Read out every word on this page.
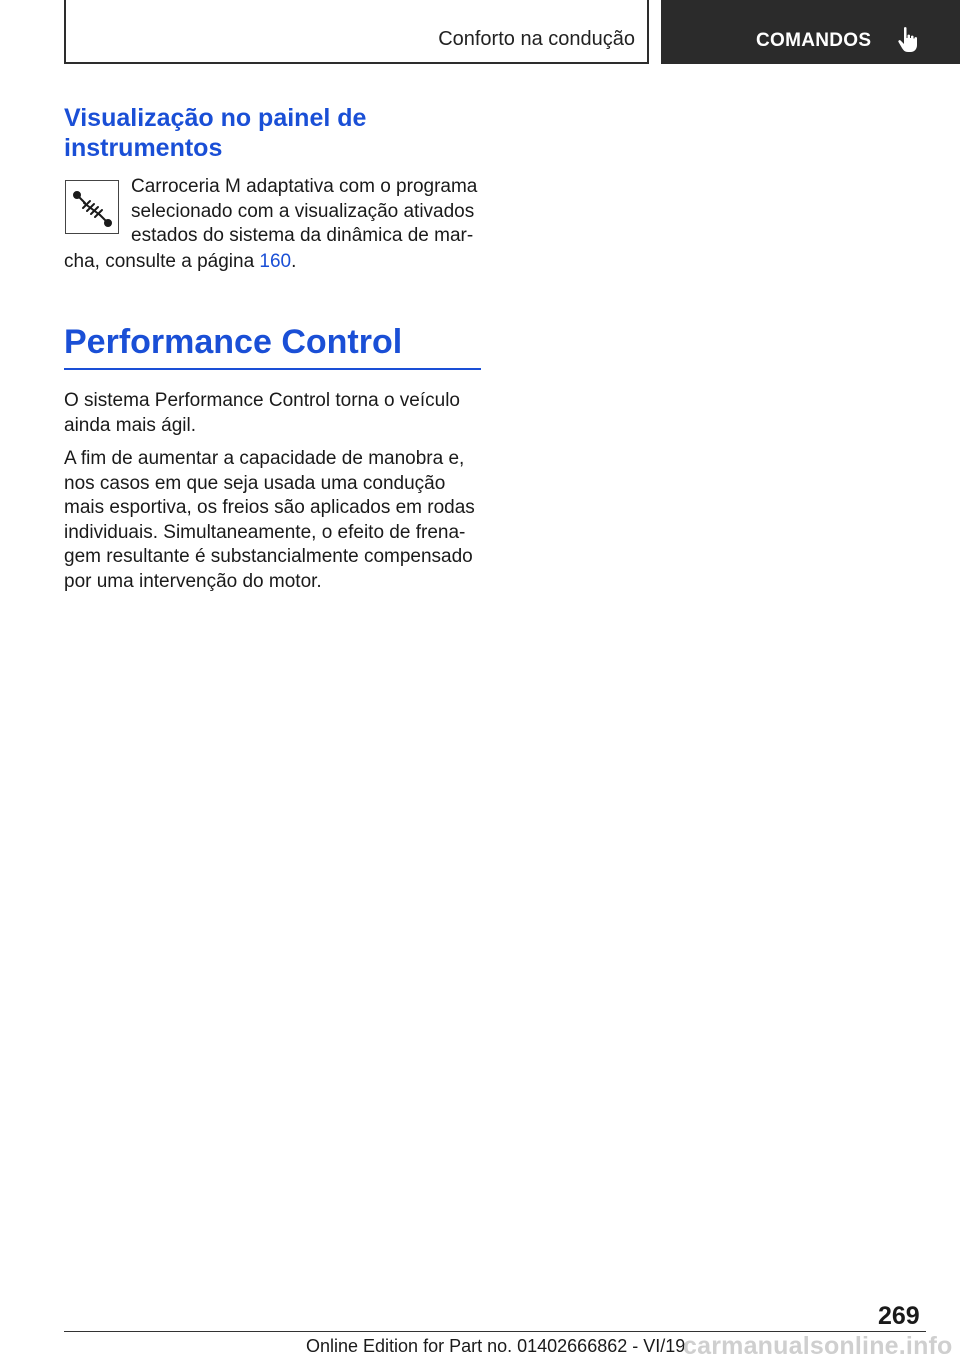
Conforto na condução	COMANDOS
Visualização no painel de instrumentos

Carroceria M adaptativa com o programa selecionado com a visualização ativados estados do sistema da dinâmica de mar-

cha, consulte a página 160.

Performance Control

O sistema Performance Control torna o veículo ainda mais ágil.

A fim de aumentar a capacidade de manobra e, nos casos em que seja usada uma condução mais esportiva, os freios são aplicados em rodas individuais. Simultaneamente, o efeito de frena- gem resultante é substancialmente compensado por uma intervenção do motor.

269
Online Edition for Part no. 01402666862 - VI/19
carmanualsonline.info
